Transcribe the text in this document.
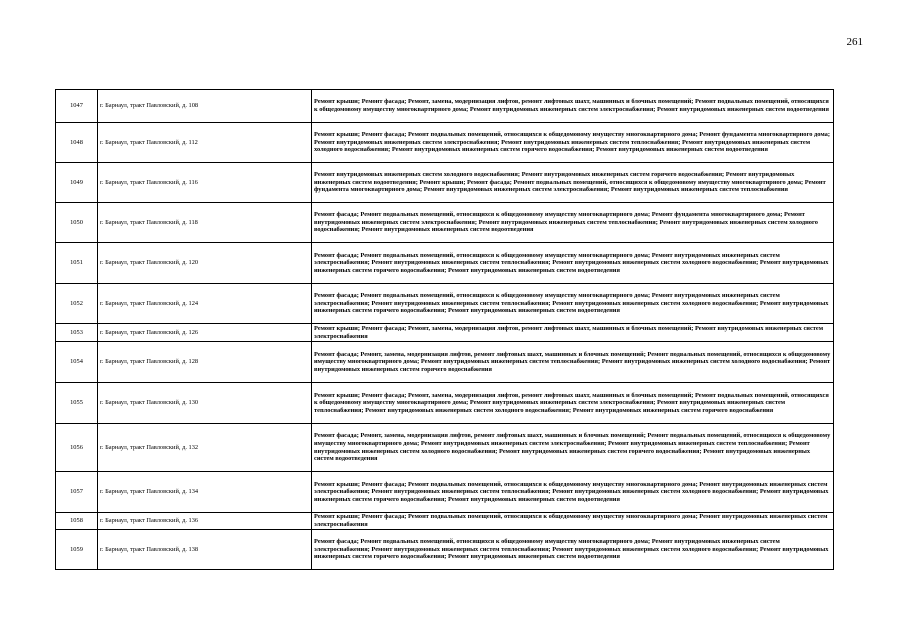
261
1047	г. Барнаул, тракт Павловский, д. 108	Ремонт крыши; Ремонт фасада; Ремонт, замена, модернизация лифтов, ремонт лифтовых шахт, машинных и блочных помещений; Ремонт подвальных помещений, относящихся к общедомовому имуществу многоквартирного дома; Ремонт внутридомовых инженерных систем электроснабжения; Ремонт внутридомовых инженерных систем водоотведения
1048	г. Барнаул, тракт Павловский, д. 112	Ремонт крыши; Ремонт фасада; Ремонт подвальных помещений, относящихся к общедомовому имуществу многоквартирного дома; Ремонт фундамента многоквартирного дома; Ремонт внутридомовых инженерных систем электроснабжения; Ремонт внутридомовых инженерных систем теплоснабжения; Ремонт внутридомовых инженерных систем холодного водоснабжения; Ремонт внутридомовых инженерных систем горячего водоснабжения; Ремонт внутридомовых инженерных систем водоотведения
1049	г. Барнаул, тракт Павловский, д. 116	Ремонт внутридомовых инженерных систем холодного водоснабжения; Ремонт внутридомовых инженерных систем горячего водоснабжения; Ремонт внутридомовых инженерных систем водоотведения; Ремонт крыши; Ремонт фасада; Ремонт подвальных помещений, относящихся к общедомовому имуществу многоквартирного дома; Ремонт фундамента многоквартирного дома; Ремонт внутридомовых инженерных систем электроснабжения; Ремонт внутридомовых инженерных систем теплоснабжения
1050	г. Барнаул, тракт Павловский, д. 118	Ремонт фасада; Ремонт подвальных помещений, относящихся к общедомовому имуществу многоквартирного дома; Ремонт фундамента многоквартирного дома; Ремонт внутридомовых инженерных систем электроснабжения; Ремонт внутридомовых инженерных систем теплоснабжения; Ремонт внутридомовых инженерных систем холодного водоснабжения; Ремонт внутридомовых инженерных систем водоотведения
1051	г. Барнаул, тракт Павловский, д. 120	Ремонт фасада; Ремонт подвальных помещений, относящихся к общедомовому имуществу многоквартирного дома; Ремонт внутридомовых инженерных систем электроснабжения; Ремонт внутридомовых инженерных систем теплоснабжения; Ремонт внутридомовых инженерных систем холодного водоснабжения; Ремонт внутридомовых инженерных систем горячего водоснабжения; Ремонт внутридомовых инженерных систем водоотведения
1052	г. Барнаул, тракт Павловский, д. 124	Ремонт фасада; Ремонт подвальных помещений, относящихся к общедомовому имуществу многоквартирного дома; Ремонт внутридомовых инженерных систем электроснабжения; Ремонт внутридомовых инженерных систем теплоснабжения; Ремонт внутридомовых инженерных систем холодного водоснабжения; Ремонт внутридомовых инженерных систем горячего водоснабжения; Ремонт внутридомовых инженерных систем водоотведения
1053	г. Барнаул, тракт Павловский, д. 126	Ремонт крыши; Ремонт фасада; Ремонт, замена, модернизация лифтов, ремонт лифтовых шахт, машинных и блочных помещений; Ремонт внутридомовых инженерных систем электроснабжения
1054	г. Барнаул, тракт Павловский, д. 128	Ремонт фасада; Ремонт, замена, модернизация лифтов, ремонт лифтовых шахт, машинных и блочных помещений; Ремонт подвальных помещений, относящихся к общедомовому имуществу многоквартирного дома; Ремонт внутридомовых инженерных систем теплоснабжения; Ремонт внутридомовых инженерных систем холодного водоснабжения; Ремонт внутридомовых инженерных систем горячего водоснабжения
1055	г. Барнаул, тракт Павловский, д. 130	Ремонт крыши; Ремонт фасада; Ремонт, замена, модернизация лифтов, ремонт лифтовых шахт, машинных и блочных помещений; Ремонт подвальных помещений, относящихся к общедомовому имуществу многоквартирного дома; Ремонт внутридомовых инженерных систем электроснабжения; Ремонт внутридомовых инженерных систем теплоснабжения; Ремонт внутридомовых инженерных систем холодного водоснабжения; Ремонт внутридомовых инженерных систем горячего водоснабжения
1056	г. Барнаул, тракт Павловский, д. 132	Ремонт фасада; Ремонт, замена, модернизация лифтов, ремонт лифтовых шахт, машинных и блочных помещений; Ремонт подвальных помещений, относящихся к общедомовому имуществу многоквартирного дома; Ремонт внутридомовых инженерных систем электроснабжения; Ремонт внутридомовых инженерных систем теплоснабжения; Ремонт внутридомовых инженерных систем холодного водоснабжения; Ремонт внутридомовых инженерных систем горячего водоснабжения; Ремонт внутридомовых инженерных систем водоотведения
1057	г. Барнаул, тракт Павловский, д. 134	Ремонт крыши; Ремонт фасада; Ремонт подвальных помещений, относящихся к общедомовому имуществу многоквартирного дома; Ремонт внутридомовых инженерных систем электроснабжения; Ремонт внутридомовых инженерных систем теплоснабжения; Ремонт внутридомовых инженерных систем холодного водоснабжения; Ремонт внутридомовых инженерных систем горячего водоснабжения; Ремонт внутридомовых инженерных систем водоотведения
1058	г. Барнаул, тракт Павловский, д. 136	Ремонт крыши; Ремонт фасада; Ремонт подвальных помещений, относящихся к общедомовому имуществу многоквартирного дома; Ремонт внутридомовых инженерных систем электроснабжения
1059	г. Барнаул, тракт Павловский, д. 138	Ремонт фасада; Ремонт подвальных помещений, относящихся к общедомовому имуществу многоквартирного дома; Ремонт внутридомовых инженерных систем электроснабжения; Ремонт внутридомовых инженерных систем теплоснабжения; Ремонт внутридомовых инженерных систем холодного водоснабжения; Ремонт внутридомовых инженерных систем горячего водоснабжения; Ремонт внутридомовых инженерных систем водоотведения
